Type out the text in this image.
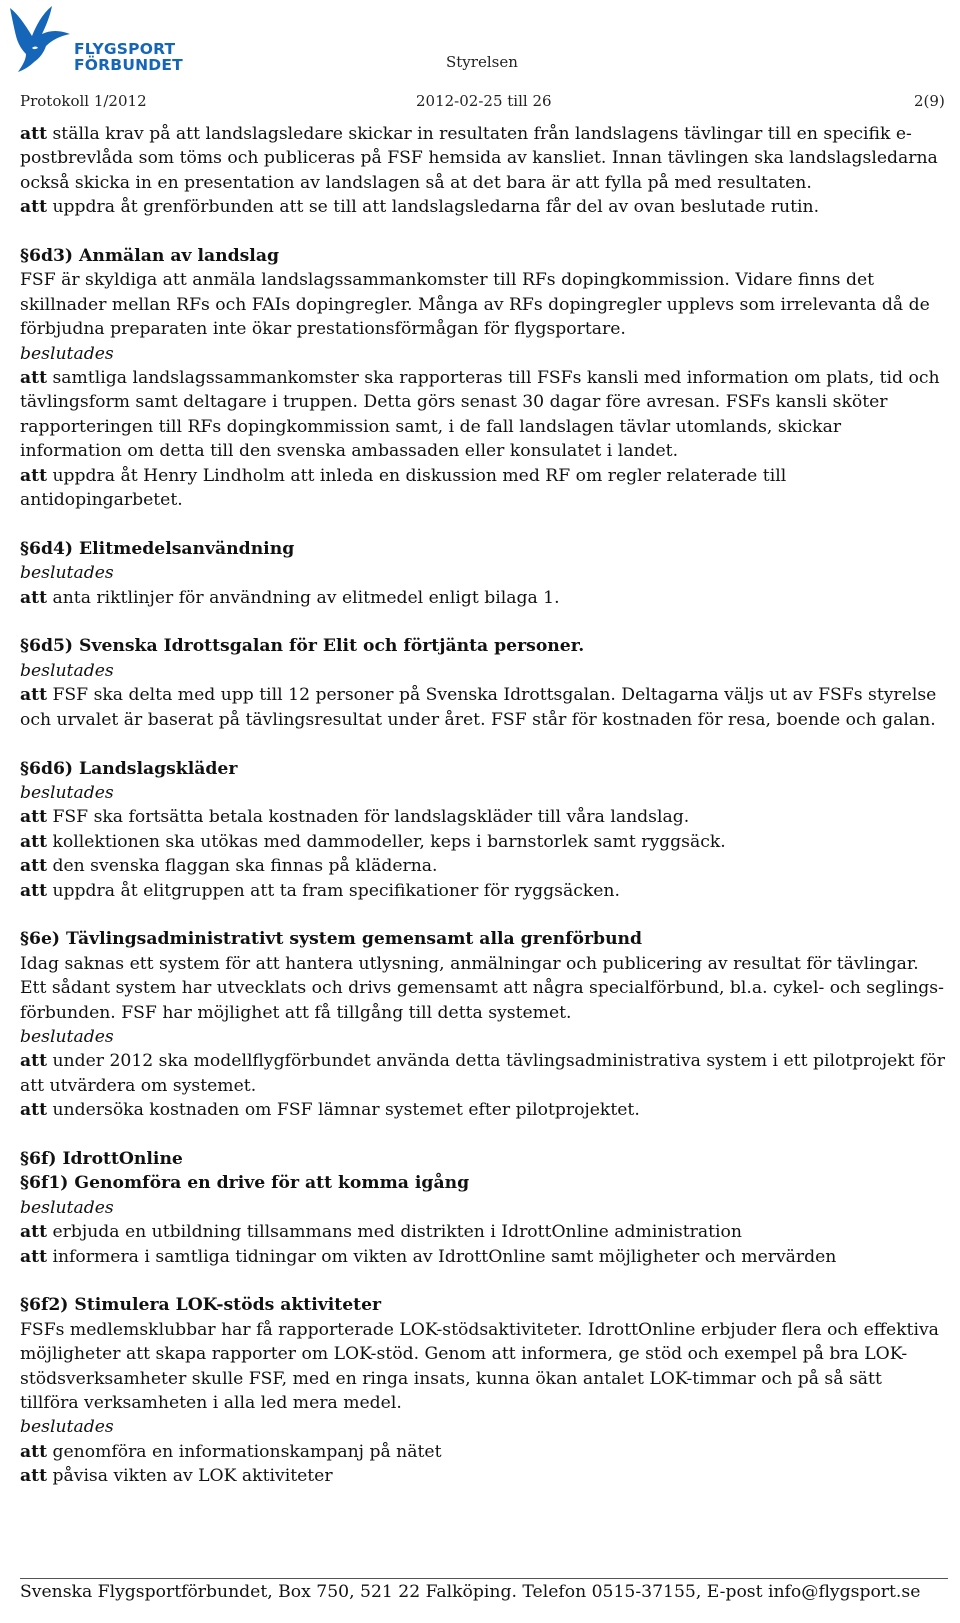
FLYGSPORT
FÖRBUNDET	Styrelsen
Protokoll 1/2012	2012-02-25 till 26	2(9)

att ställa krav på att landslagsledare skickar in resultaten från landslagens tävlingar till en specifik e-postbrevlåda som töms och publiceras på FSF hemsida av kansliet. Innan tävlingen ska landslagsledarna också skicka in en presentation av landslagen så at det bara är att fylla på med resultaten.

att uppdra åt grenförbunden att se till att landslagsledarna får del av ovan beslutade rutin.

§6d3) Anmälan av landslag

FSF är skyldiga att anmäla landslagssammankomster till RFs dopingkommission. Vidare finns det skillnader mellan RFs och FAIs dopingregler. Många av RFs dopingregler upplevs som irrelevanta då de förbjudna preparaten inte ökar prestationsförmågan för flygsportare.

beslutades

att samtliga landslagssammankomster ska rapporteras till FSFs kansli med information om plats, tid och tävlingsform samt deltagare i truppen. Detta görs senast 30 dagar före avresan. FSFs kansli sköter rapporteringen till RFs dopingkommission samt, i de fall landslagen tävlar utomlands, skickar information om detta till den svenska ambassaden eller konsulatet i landet.

att uppdra åt Henry Lindholm att inleda en diskussion med RF om regler relaterade till antidopingarbetet.

§6d4) Elitmedelsanvändning

beslutades

att anta riktlinjer för användning av elitmedel enligt bilaga 1.

§6d5) Svenska Idrottsgalan för Elit och förtjänta personer.

beslutades

att FSF ska delta med upp till 12 personer på Svenska Idrottsgalan. Deltagarna väljs ut av FSFs styrelse och urvalet är baserat på tävlingsresultat under året. FSF står för kostnaden för resa, boende och galan.

§6d6) Landslagskläder

beslutades

att FSF ska fortsätta betala kostnaden för landslagskläder till våra landslag.

att kollektionen ska utökas med dammodeller, keps i barnstorlek samt ryggsäck.

att den svenska flaggan ska finnas på kläderna.

att uppdra åt elitgruppen att ta fram specifikationer för ryggsäcken.

§6e) Tävlingsadministrativt system gemensamt alla grenförbund

Idag saknas ett system för att hantera utlysning, anmälningar och publicering av resultat för tävlingar. Ett sådant system har utvecklats och drivs gemensamt att några specialförbund, bl.a. cykel- och seglings-förbunden. FSF har möjlighet att få tillgång till detta systemet.

beslutades

att under 2012 ska modellflygförbundet använda detta tävlingsadministrativa system i ett pilotprojekt för att utvärdera om systemet.

att undersöka kostnaden om FSF lämnar systemet efter pilotprojektet.

§6f) IdrottOnline

§6f1) Genomföra en drive för att komma igång

beslutades

att erbjuda en utbildning tillsammans med distrikten i IdrottOnline administration

att informera i samtliga tidningar om vikten av IdrottOnline samt möjligheter och mervärden

§6f2) Stimulera LOK-stöds aktiviteter

FSFs medlemsklubbar har få rapporterade LOK-stödsaktiviteter. IdrottOnline erbjuder flera och effektiva möjligheter att skapa rapporter om LOK-stöd. Genom att informera, ge stöd och exempel på bra LOK-stödsverksamheter skulle FSF, med en ringa insats, kunna ökan antalet LOK-timmar och på så sätt tillföra verksamheten i alla led mera medel.

beslutades

att genomföra en informationskampanj på nätet

att påvisa vikten av LOK aktiviteter

Svenska Flygsportförbundet, Box 750, 521 22 Falköping. Telefon 0515-37155, E-post info@flygsport.se
